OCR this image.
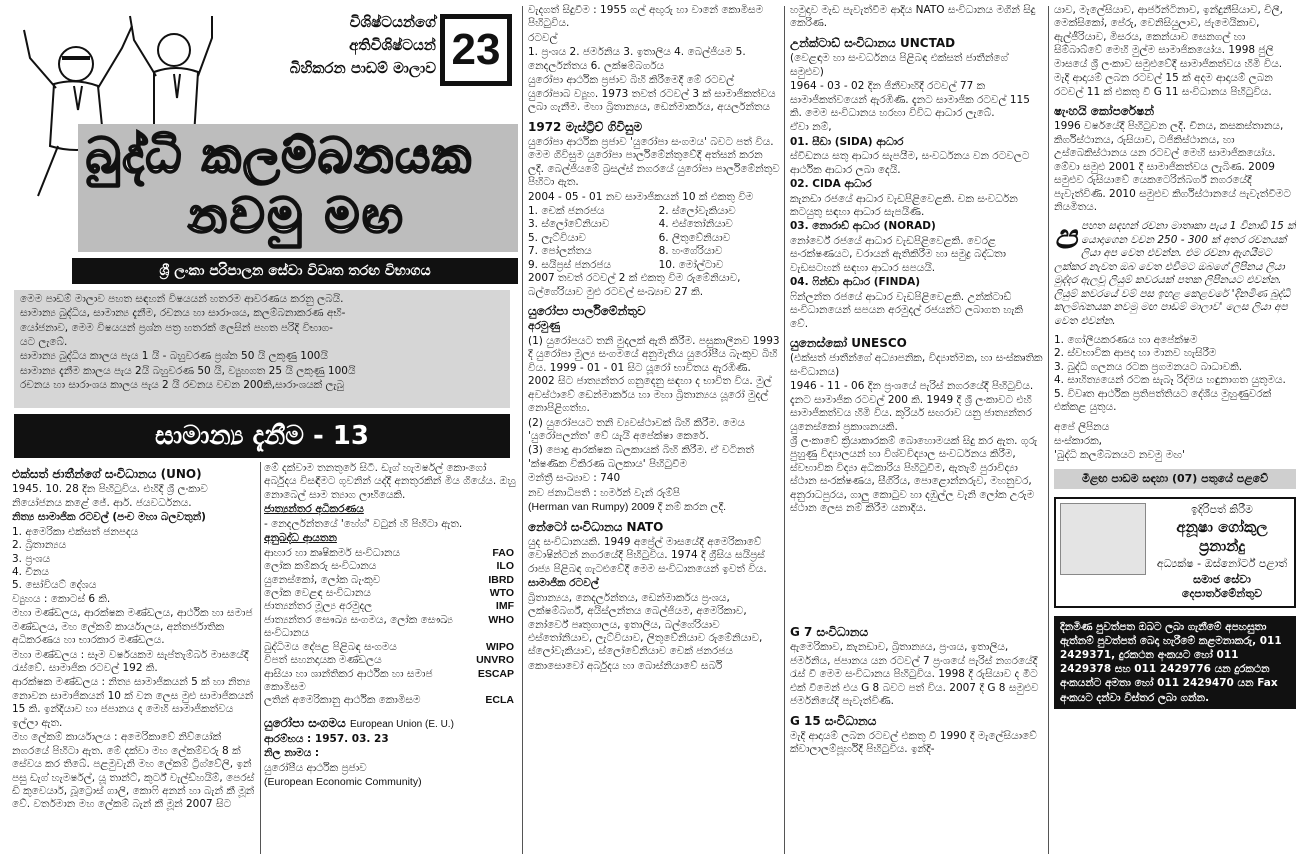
විශිෂ්ටයන්ගේ

අතිවිශිෂ්ටයන්

බිහිකරන පාඩම් මාලාව 23
බුද්ධි කලම්බනයක
නවමු මඟ
ශ්‍රී ලංකා පරිපාලන සේවා විවෘත තරඟ විභාගය

මෙම පාඩම් මාලාව පහත සඳහන් විෂයයන් හතරම ආවරණය කරනු ලබයි.

සාමාන්‍ය බුද්ධිය, සාමාන්‍ය දැනීම, රචනය හා සාරාංශය, කලම්බනාකරණ අභි-

යෝජනාව, මෙම විෂයයන් ප්‍රශ්න පත්‍ර හතරක් ලෙසින් පහත පරිදි විභාග-

යට ලැබේ.

සාමාන්‍ය බුද්ධිය කාලය පැය 1 යි - බහුවරණ ප්‍රශ්න 50 යි ලකුණු 100යි

සාමාන්‍ය දැනීම කාලය පැය 2යි බහුවරණ 50 යි, ව්‍යුහගත 25 යි ලකුණු 100යි

රචනය හා සාරාංශය කාලය පැය 2 යි රචනය වචන 200කි,සාරාංශයක් ලැබු

සාමාන්‍ය දැනීම - 13

එක්සත් ජාතීන්ගේ සංවිධානය (UNO)

1945. 10. 28 දින පිහිටුවිය. එහිදී ශ්‍රී ලංකාව නියෝජනය කළේ ජේ. ආර්. ජයවර්ධනය.

නිත්‍ය සාමාජික රටවල් (පංච මහා බලවතුන්)

1. අමෙරිකා එක්සත් ජනපදය
2. බ්‍රිතාන්‍යය
3. ප්‍රංශය
4. චීනය
5. සෝවියට් දේශය

ව්‍යුහය : කොටස් 6 කි.

මහා මණ්ඩලය, ආරක්ෂක මණ්ඩලය, ආර්ථික හා සමාජ මණ්ඩලය, මහ ලේකම් කාර්යාලය, අන්තර්ජාතික අධිකරණය හා භාරකාර මණ්ඩලය.

මහා මණ්ඩලය : සෑම වර්ෂයකම සැප්තැම්බර් මාසයේදී රැස්වේ. සාමාජික රටවල් 192 කි.

ආරක්ෂක මණ්ඩලය : නිත්‍ය සාමාජිකයන් 5 ක් හා නිත්‍ය නොවන සාමාජිකයන් 10 ක් වන ලෙස මුළු සාමාජිකයන් 15 කි. ඉන්දියාව හා ජපානය ද මෙහි සාමාජිකත්වය ඉල්ලා ඇත.

මහ ලේකම් කාර්යාලය : අමෙරිකාවේ නිව්යෝක් නගරයේ පිහිටා ඇත. මේ දක්වා මහ ලේකම්වරු 8 ක් සේවය කර තිබේ. පළමුවැනි මහ ලේකම් ට්‍රිග්වේලි, ඉන් පසු ඩැග් හැමර්ෂල්, යූ තාන්ට්, කුර්ට් වැල්ඩ්හයිම්, පෙරස් ඩි කුවෙයාර්, බූට්‍රොස් ගාලි, කොෆි අනන් හා බැන් කී මූන් වේ. වර්තමාන මහ ලේකම් බැන් කී මූන් 2007 සිට

මේ දක්වාම තනතුරේ සිටී. ඩැග් හැමර්ෂල් කොංගෝ අර්බුදය විසඳීමට ගුවනින් යද්දී අනතුරකින් මිය ගියේය. ඔහු නොබෙල් සාම ත්‍යාග ලාභියෙකි.

ජාත්‍යන්තර අධිකරණය

- නෙදර්ලන්තයේ 'හේග්' වටුන් හි පිහිටා ඇත.

අනුබද්ධ ආයතන

ආහාර හා කෘෂිකර්ම සංවිධානය	FAO
ලෝක කම්කරු සංවිධානය	ILO
යුනෙස්කෝ, ලෝක බැංකුව	IBRD
ලෝක වෙළඳ සංවිධානය	WTO
ජාත්‍යන්තර මූල්‍ය අරමුදල	IMF
ජාත්‍යන්තර සෞඛ්‍ය සංගමය, ලෝක සෞඛ්‍ය සංවිධානය	WHO
බුද්ධිමය දේපළ පිළිබඳ සංගමය	WIPO
විපත් සහනදායක මණ්ඩලය	UNVRO
ආසියා හා ශාන්තිකර ආර්ථික හා සමාජ කොමිසම	ESCAP
ලතින් අමෙරිකානු ආර්ථික කොමිසම	ECLA

යුරෝපා සංගමය European Union (E. U.)

ආරම්භය : 1957. 03. 23

නිල නාමය :

යුරෝපීය ආර්ථික ප්‍රජාව

(European Economic Community)

වැදගත් සිදුවීම : 1955 ගල් අඟුරු හා වානේ කොමිසම පිහිටුවිය.

රටවල්

1. ප්‍රංශය 2. ජර්මනිය 3. ඉතාලිය 4. බෙල්ජියම 5. නෙදර්ලන්තය 6. ලක්ෂම්බර්ගය

යුරෝපා ආර්ථික ප්‍රජාව බිහි කිරීමෙදී මේ රටවල් යුරෝපාබ ව්‍යූහ. 1973 තවත් රටවල් 3 ක් සාමාජිකත්වය ලබා ගැනීම. මහා බ්‍රිතාන්‍යය, ඩෙන්මාර්කය, අයර්ලන්තය

1972 මැස්ට්‍රිච් ගිවිසුම

යුරෝපා ආර්ථික ප්‍රජාව 'යුරෝපා සංගමය' බවට පත් විය. මෙම ගිවිසුම යුරෝපා පාර්ලිමේන්තුවේදී අත්සන් කරන ලදී. බෙල්ජියමේ බ්‍රසල්ස් නගරයේ යුරෝපා පාර්ලිමේන්තුව පිහිටා ඇත.

2004 - 05 - 01 නව සාමාජිකයන් 10 ක් එකතු විම

1. චෙක් ජනරජය	2. ස්ලෝවැකියාව
3. ස්ලෝවේනියාව	4. එස්තෝනියාව
5. ලැට්වියාව	6. ලිතුවේනියාව
7. පෝලන්තය	8. හංගේරියාව
9. සයිප්‍රස් ජනරජය	10. මෝල්ටාව

2007 තවත් රටවල් 2 ක් එකතු විම රුමේනියාව, බල්ගේරියාව මුළු රටවල් සංඛ්‍යාව 27 කි.

යුරෝපා පාර්ලිමේන්තුව

අරමුණු

(1) යුරෝපයට තනි මුදලක් ඇති කිරීම. පසුකාලීනව 1993 දී යුරෝපා මුල්‍ය සංගමයේ අනුමැතිය යුරෝපීය බැංකුව බිහි විය. 1999 - 01 - 01 සිට යූරෝ භාවිතය ඇරඹිණි. 2002 සිට ජාත්‍යන්තර ගනුදෙනු සඳහා ද භාවිත විය. මුල් අවස්ථාවේ ඩෙන්මාර්කය හා මහා බ්‍රිතාන්‍යය යූරෝ මුදල් නොපිළිගත්හ.

(2) යුරෝපයට තනි ව්‍යවස්ථාවක් බිහි කිරීම. මෙය 'යුරෝපලන්ත' වේ යැයි අපේක්ෂා කෙරේ.

(3) පොදු ආරක්ෂක බලකායක් බිහි කිරීම. ඒ වටිනත් 'ක්ෂණික විකිරණ බලකාය' පිහිටුවීම

මන්ත්‍රී සංඛ්‍යාව : 740

නව ජනාධිපති : හර්මන් වැන් රුම්පි

(Herman van Rumpy) 2009 දී නම් කරන ලදී.

නේටෝ සංවිධානය NATO

යුද සංවිධානයකි. 1949 අප්‍රේල් මාසයේදී අමෙරිකාවේ වොෂින්ටන් නගරයේදී පිහිටුවිය. 1974 දී ග්‍රීසිය සයිප්‍රස් රාජ්‍ය පිළිබඳ ගැටළුවේදී මෙම සංවිධානයෙන් ඉවත් විය.

සාමාජික රටවල්

බ්‍රිතාන්‍යය, නෙදර්ලන්තය, ඩෙන්මාර්කය ප්‍රංශය, ලක්ෂම්බර්ග්, අයිස්ලන්තය බෙල්ජියම, අමෙරිකාව, නෝර්වේ පෘතුගාලය, ඉතාලිය, බල්ගේරියාව එස්තෝනියාව, ලැට්වියාව, ලිතුවේනියාව රුමේනියාව, ස්ලෝවැකියාව, ස්ලෝවේනියාව චෙක් ජනරජය

කොසොවෝ අර්බුදය හා බොස්නියාවේ සර්බි

හමුදාව මැඩ පැවැත්වීම ආදිය NATO සංවිධානය මගින් සිදු කෙරිණ.

උන්ක්ටාඩ් සංවිධානය UNCTAD

(වෙළඳාම හා සංවර්ධනය පිළිබඳ එක්සත් ජාතීන්ගේ සමුළුව)

1964 - 03 - 02 දින ජිනීවාහිදී රටවල් 77 ක සාමාජිකත්වයෙන් ඇරඹිණි. දැනට සාමාජික රටවල් 115 කි. මෙම සංවිධානය හරහා විවිධ ආධාර ලැබේ.

ඒවා නම්,

01. සීඩා (SIDA) ආධාර

ස්වීඩනය සතු ආධාර සැපයීම, සංවර්ධනය වන රටවලට ආර්ථික ආධාර ලබා දෙයි.

02. CIDA ආධාර

කැනඩා රජයේ ආධාර වැඩපිළිවෙළකි. චක සංවර්ධන කටයුතු සඳහා ආධාර සැපයිණි.

03. නොරාඩ් ආධාර (NORAD)

නෝර්වේ රජයේ ආධාර වැඩපිළිවෙළකි. වෙරළ සංරක්ෂණයට, වරායන් ඇතිකිරීම හා සමුද්‍ර බද්ධතා වැඩසටහන් සඳහා ආධාර සපයයි.

04. ෆින්ඩා ආධාර (FINDA)

ෆින්ලන්ත රජයේ ආධාර වැඩපිළිවෙළකි. උන්ක්ටාඩ් සංවිධානයෙන් සපයන අරමුදල් රජයන්ට ලබාගත හැකි වේ.

යුනෙස්කෝ UNESCO

(එක්සත් ජාතීන්ගේ අධ්‍යාපනික, විද්‍යාත්මක, හා සංස්කෘතික සංවිධානය)

1946 - 11 - 06 දින ප්‍රංශයේ පැරිස් නගරයේදී පිහිටුවිය. දැනට සාමාජික රටවල් 200 කි. 1949 දී ශ්‍රී ලංකාවට එහි සාමාජිකත්වය හිමි විය. කුරියර් සඟරාව යනු ජාත්‍යන්තර යුනෙස්කෝ ප්‍රකාශනයකි.

ශ්‍රී ලංකාවේ ක්‍රියාකාරකම් බොහොමයක් සිදු කර ඇත. ගුරු පුහුණු විද්‍යාලයන් හා විශ්වවිද්‍යාල සංවර්ධනය කිරීම, ස්වභාවික විද්‍යා අධිකාරිය පිහිටුවීම, ඇතැම් පුරාවිද්‍යා ස්ථාන සංරක්ෂණය, සීගිරිය, පොළොන්නරුව, මහනුවර, අනුරාධපුරය, ගාලු කොටුව හා දඹුල්ල වැනි ලෝක උරුම ස්ථාන ලෙස නම් කිරීම යනාදිය.

G 7 සංවිධානය

ඇමෙරිකාව, කැනඩාව, බ්‍රිතාන්‍යය, ප්‍රංශය, ඉතාලිය, ජර්මනිය, ජපානය යන රටවල් 7 ප්‍රංශයේ පැරිස් නගරයේදී රැස් වී මෙම සංවිධානය පිහිටුවිය. 1998 දී රුසියාව ද මීට එක් වීමෙන් එය G 8 බවට පත් විය. 2007 දී G 8 සමුළුව ජර්මනියේදී පැවැත්විණි.

G 15 සංවිධානය

මැදි ආදායම් ලබන රටවල් එකතු වී 1990 දී මැලේසියාවේ ක්වාලාලම්පූර්හිදී පිහිටුවිය. ඉන්දි-

යාව, මැලේසියාව, ආර්ජන්ටිනාව, ඉන්දුනීසියාව, චිලී, මෙක්සිකෝ, පේරු, වෙනිසියුලාව, ජැමෙයිකාව, ඇල්ජීරියාව, මිසරය, කෙන්යාව සෙනගල් හා සිම්බාබ්වේ මෙහි මුල්ම සාමාජිකයෝය. 1998 ජුලි මාසයේ ශ්‍රී ලංකාව සමුළුවේදී සාමාජිකත්වය හිමි විය.

මැදි ආදායම් ලබන රටවල් 15 ක් අදම ආදායම් ලබන රටවල් 11 ක් එකතු වී G 11 සංවිධානය පිහිටුවිය.

ෂැංහයි කෝපරේෂන්

1996 වර්ෂයේදී පිහිටුවන ලදී. චීනය, කසකස්තානය, කිර්ගිස්ථානය, රුසියාව, ටජිකිස්ථානය, හා උස්බෙකිස්ථානය යන රටවල් මෙහි සාමාජිකයෝය. මේවා සමුළු 2001 දී සාමාජිකත්වය ලැබිණ. 2009 සමුළුව රුසියාවේ යෙකටෙරින්බර්ග් නගරයේදී පැවැත්විණි. 2010 සමුළුව කිර්ගිස්ථානයේ පැවැත්වීමට නියමිතය.

ප පහත සඳහන් රචනා මාතෘකා පැය 1 විනාඩි 15 ක් යොදාගෙන වචන 250 - 300 ක් අතර රචනයක් ලියා අප වෙත එවන්න. එම රචනා ඇගයීමට ලක්කර නැවත ඔබ වෙත එවීමට ඔබගේ ලිපිනය ලියා මුද්දර ඇලවූ ලියුම් කවරයක් පතක ලිපිනයට එවන්න. ලියුම් කවරයේ වම් පස ඉහළ කෙළවරේ 'දිනමිණ බුද්ධි කලම්බනයක නවමු මඟ පාඩම් මාලාව' ලෙස ලියා අප වෙත එවන්න.
1. ගෝලීයකරණය හා අපේක්ෂම
2. ස්වභාවික ආපදා හා මානව හැසිරීම
3. බුද්ධි ගලනය රටක ප්‍රගමනයට බාධාවකි.
4. සාහිත්‍යයෙන් රටක සැබෑ රිද්මය හඳුනාගත යුතුමය.
5. විවෘත ආර්ථික ප්‍රතිපත්තියට දේශීය මුහුණුවරක් එක්කළ යුතුය.

අපේ ලිපිනය

සංස්කාරක,

'බුද්ධි කලම්බනයට නවමු මඟ'

මීළඟ පාඩම සඳහා (07) පතුයේ පළවේ

ඉදිරිපත් කිරීම

අනූෂා ගෝකුල ප්‍රනාන්දු

අධ්‍යක්ෂ - ඔස්නෝර්ට් පළාත්

සමාජ සේවා දෙපාර්තමේන්තුව

දිනමිණ පුවත්පත ඔබට ලබා ගැනීමේ අපහසුතා ඇත්නම් පුවත්පත් බෙදා හැරීමේ කළමනාකරු, 011 2429371, දුරකථන අංකයට හෝ 011 2429378 සහ 011 2429776 යන දුරකථන අංකයන්ට අමතා හෝ 011 2429470 යන Fax අංකයට දන්වා විස්තර ලබා ගන්න.
